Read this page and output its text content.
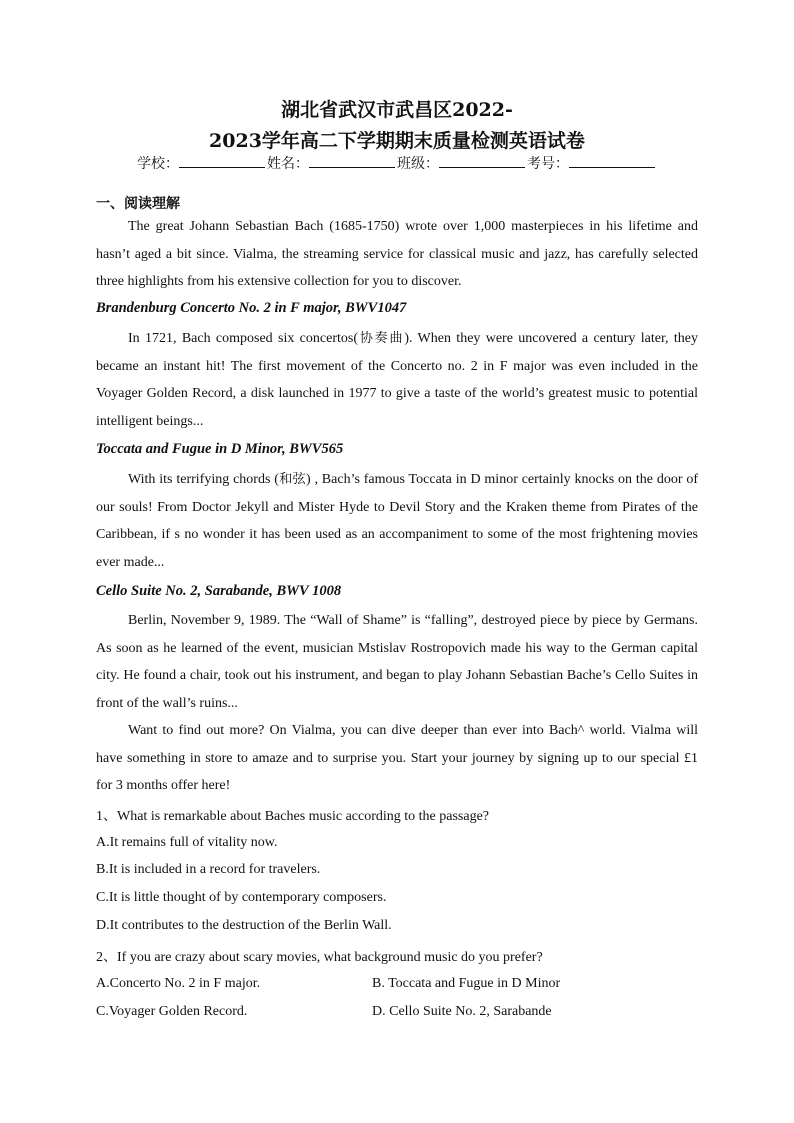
湖北省武汉市武昌区2022-
2023学年高二下学期期末质量检测英语试卷
学校：	姓名：	班级：	考号：
一、阅读理解
The great Johann Sebastian Bach (1685-1750) wrote over 1,000 masterpieces in his lifetime and hasn’t aged a bit since. Vialma, the streaming service for classical music and jazz, has carefully selected three highlights from his extensive collection for you to discover.
Brandenburg Concerto No. 2 in F major, BWV1047
In 1721, Bach composed six concertos(协奏曲). When they were uncovered a century later, they became an instant hit! The first movement of the Concerto no. 2 in F major was even included in the Voyager Golden Record, a disk launched in 1977 to give a taste of the world’s greatest music to potential intelligent beings...
Toccata and Fugue in D Minor, BWV565
With its terrifying chords (和弦) , Bach’s famous Toccata in D minor certainly knocks on the door of our souls! From Doctor Jekyll and Mister Hyde to Devil Story and the Kraken theme from Pirates of the Caribbean, if s no wonder it has been used as an accompaniment to some of the most frightening movies ever made...
Cello Suite No. 2, Sarabande, BWV 1008
Berlin, November 9, 1989. The “Wall of Shame” is “falling”, destroyed piece by piece by Germans. As soon as he learned of the event, musician Mstislav Rostropovich made his way to the German capital city. He found a chair, took out his instrument, and began to play Johann Sebastian Bache’s Cello Suites in front of the wall’s ruins...
Want to find out more? On Vialma, you can dive deeper than ever into Bach^ world. Vialma will have something in store to amaze and to surprise you. Start your journey by signing up to our special £1 for 3 months offer here!
1、What is remarkable about Baches music according to the passage?
A.It remains full of vitality now.
B.It is included in a record for travelers.
C.It is little thought of by contemporary composers.
D.It contributes to the destruction of the Berlin Wall.
2、If you are crazy about scary movies, what background music do you prefer?
A.Concerto No. 2 in F major.	B. Toccata and Fugue in D Minor
C.Voyager Golden Record.	D. Cello Suite No. 2, Sarabande
